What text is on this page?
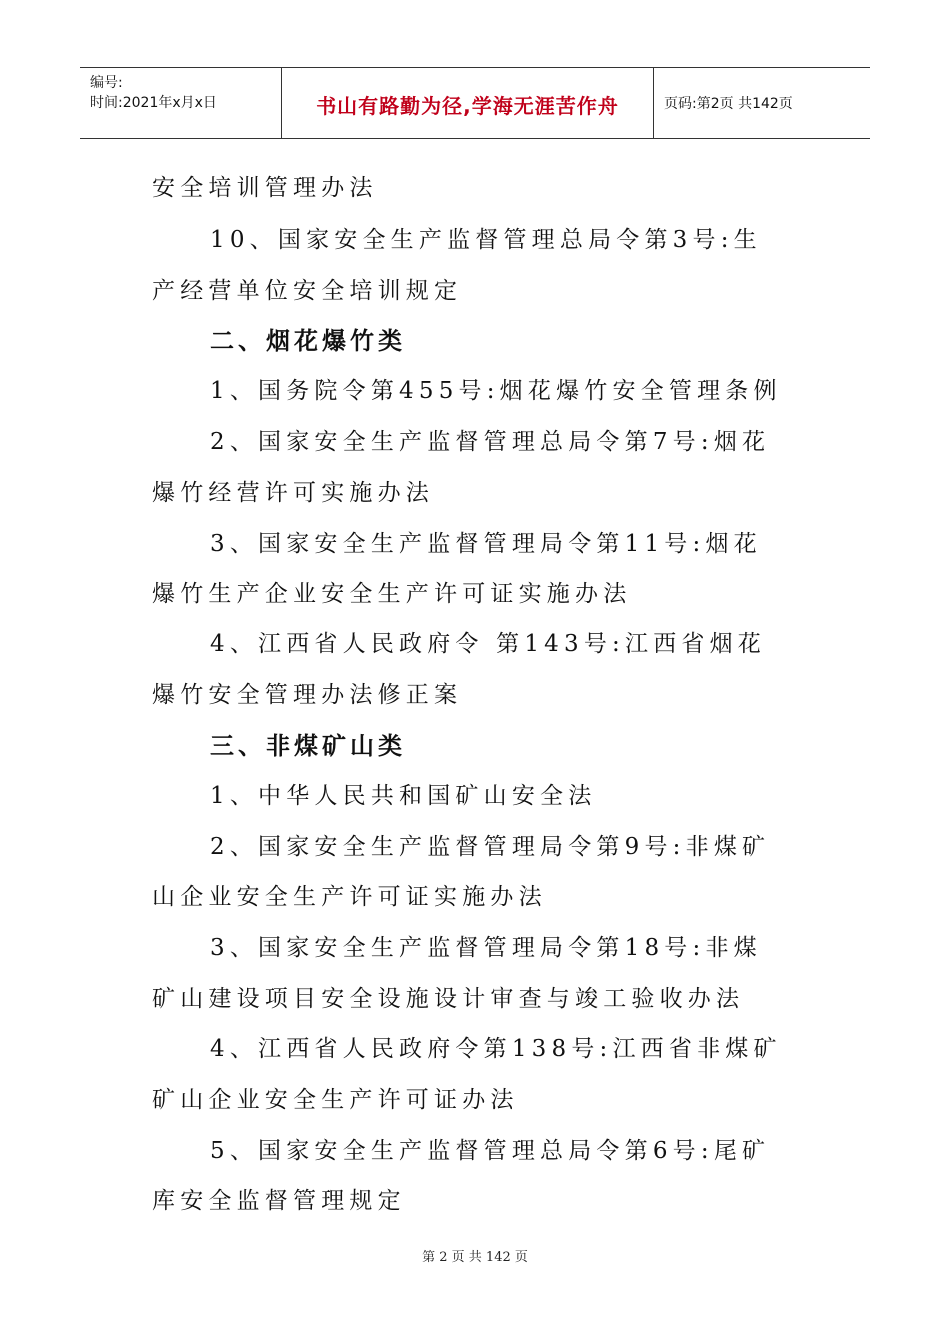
编号:
时间:2021年x月x日	书山有路勤为径,学海无涯苦作舟	页码:第2页 共142页
安全培训管理办法
10、国家安全生产监督管理总局令第3号:生
产经营单位安全培训规定
二、烟花爆竹类
1、国务院令第455号:烟花爆竹安全管理条例
2、国家安全生产监督管理总局令第7号:烟花
爆竹经营许可实施办法
3、国家安全生产监督管理局令第11号:烟花
爆竹生产企业安全生产许可证实施办法
4、江西省人民政府令 第143号:江西省烟花
爆竹安全管理办法修正案
三、非煤矿山类
1、中华人民共和国矿山安全法
2、国家安全生产监督管理局令第9号:非煤矿
山企业安全生产许可证实施办法
3、国家安全生产监督管理局令第18号:非煤
矿山建设项目安全设施设计审查与竣工验收办法
4、江西省人民政府令第138号:江西省非煤矿
矿山企业安全生产许可证办法
5、国家安全生产监督管理总局令第6号:尾矿
库安全监督管理规定
第 2 页 共 142 页
